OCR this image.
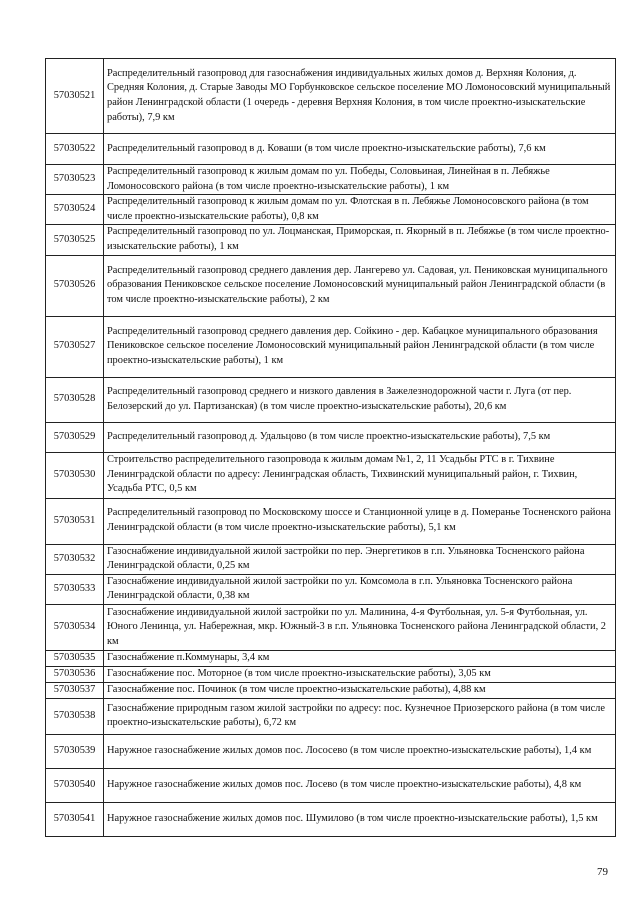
57030521	Распределительный газопровод для газоснабжения индивидуальных жилых домов д. Верхняя Колония, д. Средняя Колония, д. Старые Заводы МО Горбунковское сельское поселение МО Ломоносовский муниципальный район Ленинградской области (1 очередь - деревня Верхняя Колония, в том числе проектно-изыскательские работы), 7,9 км
57030522	Распределительный газопровод в д. Коваши (в том числе проектно-изыскательские работы), 7,6 км
57030523	Распределительный газопровод к жилым домам по ул. Победы, Соловьиная, Линейная в п. Лебяжье Ломоносовского района (в том числе проектно-изыскательские работы), 1 км
57030524	Распределительный газопровод к жилым домам по ул. Флотская в п. Лебяжье Ломоносовского района (в том числе проектно-изыскательские работы), 0,8 км
57030525	Распределительный газопровод по ул. Лоцманская, Приморская, п. Якорный в п. Лебяжье (в том числе проектно-изыскательские работы), 1 км
57030526	Распределительный газопровод среднего давления дер. Лангерево ул. Садовая, ул. Пениковская муниципального образования Пениковское сельское поселение Ломоносовский муниципальный район Ленинградской области (в том числе проектно-изыскательские работы), 2 км
57030527	Распределительный газопровод среднего давления дер. Сойкино - дер. Кабацкое муниципального образования Пениковское сельское поселение Ломоносовский муниципальный район Ленинградской области (в том числе проектно-изыскательские работы), 1 км
57030528	Распределительный газопровод среднего и низкого давления в Зажелезнодорожной части г. Луга (от пер. Белозерский до ул. Партизанская) (в том числе проектно-изыскательские работы), 20,6 км
57030529	Распределительный газопровод д. Удальцово (в том числе проектно-изыскательские работы), 7,5 км
57030530	Строительство распределительного газопровода к жилым домам №1, 2, 11 Усадьбы РТС в г. Тихвине Ленинградской области по адресу: Ленинградская область, Тихвинский муниципальный район, г. Тихвин, Усадьба РТС, 0,5 км
57030531	Распределительный газопровод по Московскому шоссе и Станционной улице в д. Померанье Тосненского района Ленинградской области (в том числе проектно-изыскательские работы), 5,1 км
57030532	Газоснабжение индивидуальной жилой застройки по пер. Энергетиков в г.п. Ульяновка Тосненского района Ленинградской области, 0,25 км
57030533	Газоснабжение индивидуальной жилой застройки по ул. Комсомола в г.п. Ульяновка Тосненского района Ленинградской области, 0,38 км
57030534	Газоснабжение индивидуальной жилой застройки по ул. Малинина, 4-я Футбольная, ул. 5-я Футбольная, ул. Юного Ленинца, ул. Набережная, мкр. Южный-3 в г.п. Ульяновка Тосненского района Ленинградской области, 2 км
57030535	Газоснабжение п.Коммунары, 3,4 км
57030536	Газоснабжение пос. Моторное (в том числе проектно-изыскательские работы), 3,05 км
57030537	Газоснабжение пос. Починок (в том числе проектно-изыскательские работы), 4,88 км
57030538	Газоснабжение природным газом жилой застройки по адресу: пос. Кузнечное Приозерского района (в том числе проектно-изыскательские работы), 6,72 км
57030539	Наружное газоснабжение жилых домов пос. Лососево (в том числе проектно-изыскательские работы), 1,4 км
57030540	Наружное газоснабжение жилых домов пос. Лосево (в том числе проектно-изыскательские работы), 4,8 км
57030541	Наружное газоснабжение жилых домов пос. Шумилово (в том числе проектно-изыскательские работы), 1,5 км
79
